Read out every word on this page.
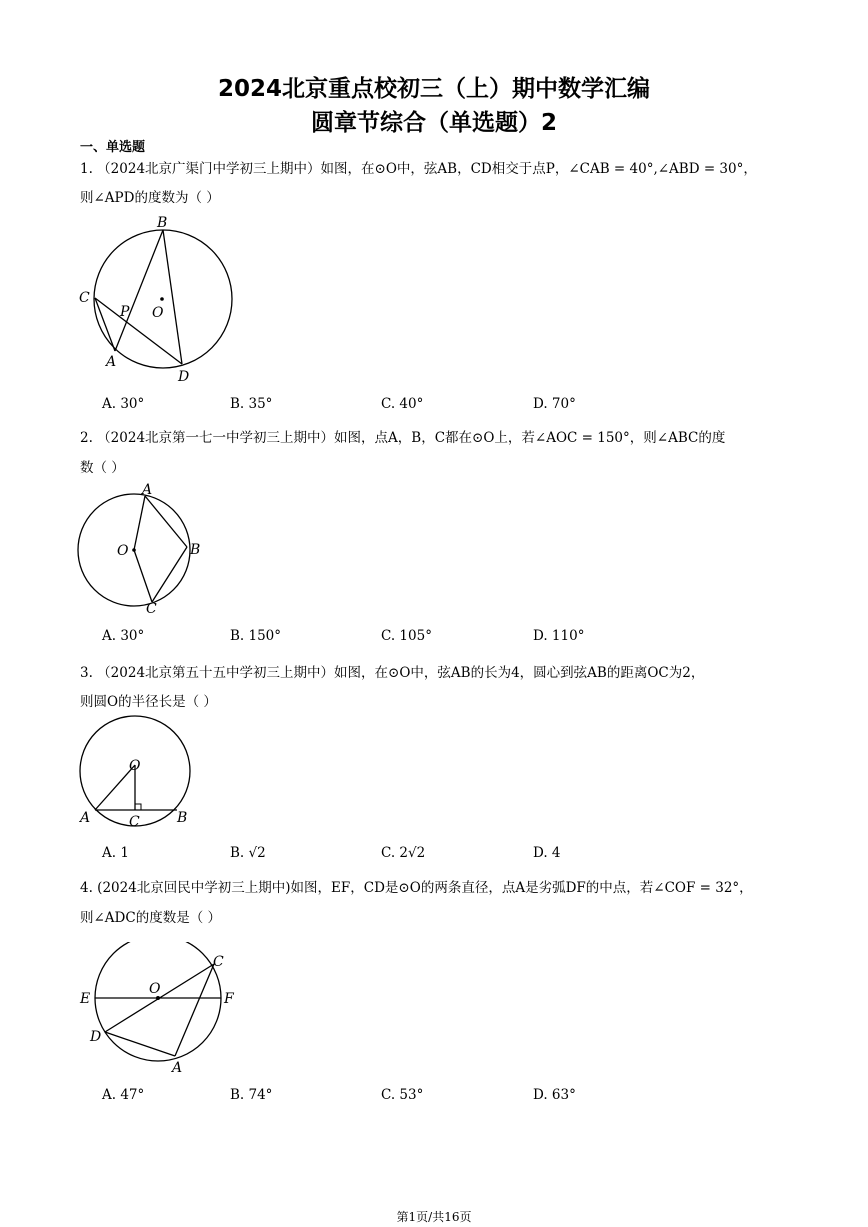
2024北京重点校初三（上）期中数学汇编
圆章节综合（单选题）2
一、单选题
1. （2024北京广渠门中学初三上期中）如图，在⊙O中，弦AB，CD相交于点P，∠CAB = 40°,∠ABD = 30°，
则∠APD的度数为（ ）
B
C
P O
A
D
A. 30°	B. 35°	C. 40°	D. 70°
2. （2024北京第一七一中学初三上期中）如图，点A，B，C都在⊙O上，若∠AOC = 150°，则∠ABC的度
数（ ）
A
O	B
C
A. 30°	B. 150°	C. 105°	D. 110°
3. （2024北京第五十五中学初三上期中）如图，在⊙O中，弦AB的长为4，圆心到弦AB的距离OC为2，
则圆O的半径长是（ ）
O
A	C	B
A. 1	B. √2	C. 2√2	D. 4
4. (2024北京回民中学初三上期中)如图，EF，CD是⊙O的两条直径，点A是劣弧DF的中点，若∠COF = 32°，
则∠ADC的度数是（ ）
C
E
O
F
D
A
A. 47°	B. 74°	C. 53°	D. 63°
第1页/共16页
